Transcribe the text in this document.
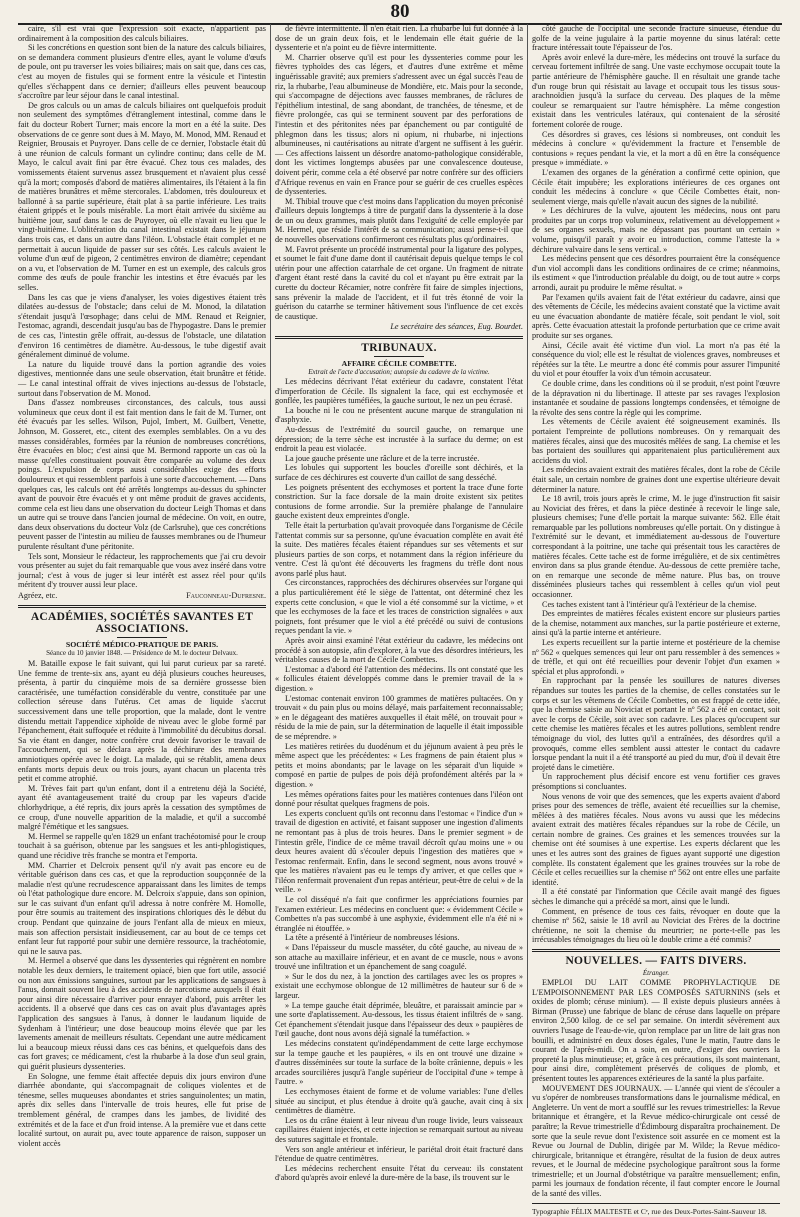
80

caire, s'il est vrai que l'expression soit exacte, n'appartient pas ordinairement à la composition des calculs biliaires.

Si les concrétions en question sont bien de la nature des calculs biliaires, on se demandera comment plusieurs d'entre elles, ayant le volume d'œufs de poule, ont pu traverser les voies biliaires; mais on sait que, dans ces cas, c'est au moyen de fistules qui se forment entre la vésicule et l'intestin qu'elles s'échappent dans ce dernier; d'ailleurs elles peuvent beaucoup s'accroître par leur séjour dans le canal intestinal.

De gros calculs ou un amas de calculs biliaires ont quelquefois produit non seulement des symptômes d'étranglement intestinal, comme dans le fait du docteur Robert Turner; mais encore la mort en a été la suite. Des observations de ce genre sont dues à M. Mayo, M. Monod, MM. Renaud et Reignier, Brousais et Puyroyer. Dans celle de ce dernier, l'obstacle était dû à une réunion de calculs formant un cylindre continu; dans celle de M. Mayo, le calcul avait fini par être évacué. Chez tous ces malades, des vomissements étaient survenus assez brusquement et n'avaient plus cessé qu'à la mort; composés d'abord de matières alimentaires, ils l'étaient à la fin de matières brunâtres et même stercorales. L'abdomen, très douloureux et ballonné à sa partie supérieure, était plat à sa partie inférieure. Les traits étaient grippés et le pouls misérable. La mort était arrivée du sixième au huitième jour, sauf dans le cas de Puyroyer, où elle n'avait eu lieu que le vingt-huitième. L'oblitération du canal intestinal existait dans le jéjunum dans trois cas, et dans un autre dans l'iléon. L'obstacle était complet et ne permettait à aucun liquide de passer sur ses côtés. Les calculs avaient le volume d'un œuf de pigeon, 2 centimètres environ de diamètre; cependant on a vu, et l'observation de M. Turner en est un exemple, des calculs gros comme des œufs de poule franchir les intestins et être évacués par les selles.

Dans les cas que je viens d'analyser, les voies digestives étaient très dilatées au-dessus de l'obstacle; dans celui de M. Monod, la dilatation s'étendait jusqu'à l'œsophage; dans celui de MM. Renaud et Reignier, l'estomac, agrandi, descendait jusqu'au bas de l'hypogastre. Dans le premier de ces cas, l'intestin grêle offrait, au-dessus de l'obstacle, une dilatation d'environ 16 centimètres de diamètre. Au-dessous, le tube digestif avait généralement diminué de volume.

La nature du liquide trouvé dans la portion agrandie des voies digestives, mentionnée dans une seule observation, était brunâtre et fétide. — Le canal intestinal offrait de vives injections au-dessus de l'obstacle, surtout dans l'observation de M. Monod.

Dans d'assez nombreuses circonstances, des calculs, tous aussi volumineux que ceux dont il est fait mention dans le fait de M. Turner, ont été évacués par les selles. Wilson, Pujol, Imbert, M. Guilbert, Venette, Johnson, M. Gosseret, etc., citent des exemples semblables. On a vu des masses considérables, formées par la réunion de nombreuses concrétions, être évacuées en bloc; c'est ainsi que M. Bermond rapporte un cas où la masse qu'elles constituaient pouvait être comparée au volume des deux poings. L'expulsion de corps aussi considérables exige des efforts douloureux et qui ressemblent parfois à une sorte d'accouchement. — Dans quelques cas, les calculs ont été arrêtés longtemps au-dessus du sphincter avant de pouvoir être évacués et y ont même produit de graves accidents, comme cela est lieu dans une observation du docteur Leigh Thomas et dans un autre qui se trouve dans l'ancien journal de médecine. On voit, en outre, dans deux observations du docteur Volz (de Carlsruhe), que ces concrétions peuvent passer de l'intestin au milieu de fausses membranes ou de l'humeur purulente résultant d'une péritonite.

Tels sont, Monsieur le rédacteur, les rapprochements que j'ai cru devoir vous présenter au sujet du fait remarquable que vous avez inséré dans votre journal; c'est à vous de juger si leur intérêt est assez réel pour qu'ils méritent d'y trouver aussi leur place.

Agréez, etc.	Fauconneau-Dufresne.
ACADÉMIES, SOCIÉTÉS SAVANTES ET ASSOCIATIONS.
SOCIÉTÉ MÉDICO-PRATIQUE DE PARIS.
Séance du 10 janvier 1848. — Présidence de M. le docteur Delvaux.

M. Bataille expose le fait suivant, qui lui parut curieux par sa rareté. Une femme de trente-six ans, ayant eu déjà plusieurs couches heureuses, présenta, à partir du cinquième mois de sa dernière grossesse bien caractérisée, une tuméfaction considérable du ventre, constituée par une collection séreuse dans l'utérus. Cet amas de liquide s'accrut successivement dans une telle proportion, que la malade, dont le ventre distendu mettait l'appendice xiphoïde de niveau avec le globe formé par l'épanchement, était suffoquée et réduite à l'immobilité du décubitus dorsal. Sa vie étant en danger, notre confrère crut devoir favoriser le travail de l'accouchement, qui se déclara après la déchirure des membranes amniotiques opérée avec le doigt. La malade, qui se rétablit, amena deux enfants morts depuis deux ou trois jours, ayant chacun un placenta très petit et comme atrophié.

M. Trèves fait part qu'un enfant, dont il a entretenu déjà la Société, ayant été avantageusement traité du croup par les vapeurs d'acide chlorhydrique, a été repris, dix jours après la cessation des symptômes de ce croup, d'une nouvelle apparition de la maladie, et qu'il a succombé malgré l'émétique et les sangsues.

M. Hermel se rappelle qu'en 1829 un enfant trachéotomisé pour le croup touchait à sa guérison, obtenue par les sangsues et les anti-phlogistiques, quand une récidive très franche se montra et l'emporta.

MM. Charrier et Delcroix pensent qu'il n'y avait pas encore eu de véritable guérison dans ces cas, et que la reproduction soupçonnée de la maladie n'est qu'une recrudescence apparaissant dans les limites de temps où l'état pathologique dure encore. M. Delcroix s'appuie, dans son opinion, sur le cas suivant d'un enfant qu'il adressa à notre confrère M. Homolle, pour être soumis au traitement des inspirations chloriques dès le début du croup. Pendant que quinzaine de jours l'enfant alla de mieux en mieux, mais son affection persistait insidieusement, car au bout de ce temps cet enfant leur fut rapporté pour subir une dernière ressource, la trachéotomie, qui ne le sauva pas.

M. Hermel a observé que dans les dyssenteries qui régnèrent en nombre notable les deux derniers, le traitement opiacé, bien que fort utile, associé ou non aux émissions sanguines, surtout par les applications de sangsues à l'anus, donnait souvent lieu à des accidents de narcotisme auxquels il était pour ainsi dire nécessaire d'arriver pour enrayer d'abord, puis arrêter les accidents. Il a observé que dans ces cas on avait plus d'avantages après l'application des sangsues à l'anus, à donner le laudanum liquide de Sydenham à l'intérieur; une dose beaucoup moins élevée que par les lavements amenait de meilleurs résultats. Cependant une autre médicament lui a beaucoup mieux réussi dans ces cas bénins, et quelquefois dans des cas fort graves; ce médicament, c'est la rhubarbe à la dose d'un seul grain, qui guérit plusieurs dyssenteries.

En Sologne, une femme était affectée depuis dix jours environ d'une diarrhée abondante, qui s'accompagnait de coliques violentes et de ténesme, selles muqueuses abondantes et stries sanguinolentes; un matin, après dix selles dans l'intervalle de trois heures, elle fut prise de tremblement général, de crampes dans les jambes, de lividité des extrémités et de la face et d'un froid intense. A la première vue et dans cette localité surtout, on aurait pu, avec toute apparence de raison, supposer un violent accès

de fièvre intermittente. Il n'en était rien. La rhubarbe lui fut donnée à la dose de un grain deux fois, et le lendemain elle était guérie de la dyssenterie et n'a point eu de fièvre intermittente.

M. Charrier observe qu'il est pour les dyssenteries comme pour les fièvres typhoïdes des cas légers, et d'autres d'une extrême et même inguérissable gravité; aux premiers s'adressent avec un égal succès l'eau de riz, la rhubarbe, l'eau albumineuse de Mondière, etc. Mais pour la seconde, qui s'accompagne de déjections avec fausses membranes, de râclures de l'épithélium intestinal, de sang abondant, de tranchées, de ténesme, et de fièvre prolongée, cas qui se terminent souvent par des perforations de l'intestin et des péritonites nées par épanchement ou par contiguïté de phlegmon dans les tissus; alors ni opium, ni rhubarbe, ni injections albumineuses, ni cautérisations au nitrate d'argent ne suffisent à les guérir. — Ces affections laissent un désordre anatomo-pathologique considérable, dont les victimes longtemps abusées par une convalescence douteuse, doivent périr, comme cela a été observé par notre confrère sur des officiers d'Afrique revenus en vain en France pour se guérir de ces cruelles espèces de dyssenteries.

M. Thibial trouve que c'est moins dans l'application du moyen préconisé d'ailleurs depuis longtemps à titre de purgatif dans la dyssenterie à la dose de un ou deux grammes, mais plutôt dans l'exiguïté de celle employée par M. Hermel, que réside l'intérêt de sa communication; aussi pense-t-il que de nouvelles observations confirmeront ces résultats plus qu'ordinaires.

M. Favrot présente un procédé instrumental pour la ligature des polypes, et soumet le fait d'une dame dont il cautérisait depuis quelque temps le col utérin pour une affection catarrhale de cet organe. Un fragment de nitrate d'argent étant resté dans la cavité du col et n'ayant pu être extrait par la curette du docteur Récamier, notre confrère fit faire de simples injections, sans prévenir la malade de l'accident, et il fut très étonné de voir la guérison du catarrhe se terminer hâtivement sous l'influence de cet excès de caustique.

Le secrétaire des séances, Eug. Bourdet.
TRIBUNAUX.
AFFAIRE CÉCILE COMBETTE.
Extrait de l'acte d'accusation; autopsie du cadavre de la victime.

Les médecins décrivant l'état extérieur du cadavre, constatent l'état d'imperforation de Cécile. Ils signalent la face, qui est ecchymosée et gonflée, les paupières tuméfiées, la gauche surtout, le nez un peu écrasé.

La bouche ni le cou ne présentent aucune marque de strangulation ni d'asphyxie.

Au-dessus de l'extrémité du sourcil gauche, on remarque une dépression; de la terre sèche est incrustée à la surface du derme; on est endroit la peau est violacée.

La joue gauche présente une râclure et de la terre incrustée.

Les lobules qui supportent les boucles d'oreille sont déchirés, et la surface de ces déchirures est couverte d'un caillot de sang desséché.

Les poignets présentent des ecchymoses et portent la trace d'une forte constriction. Sur la face dorsale de la main droite existent six petites contusions de forme arrondie. Sur la première phalange de l'annulaire gauche existent deux empreintes d'ongle.

Telle était la perturbation qu'avait provoquée dans l'organisme de Cécile l'attentat commis sur sa personne, qu'une évacuation complète en avait été la suite. Des matières fécales étaient répandues sur ses vêtements et sur plusieurs parties de son corps, et notamment dans la région inférieure du ventre. C'est là qu'ont été découverts les fragmens du trèfle dont nous avons parlé plus haut.

Ces circonstances, rapprochées des déchirures observées sur l'organe qui a plus particulièrement été le siège de l'attentat, ont déterminé chez les experts cette conclusion, « que le viol a été consommé sur la victime, » et que les ecchymoses de la face et les traces de constriction signalées » aux poignets, font présumer que le viol a été précédé ou suivi de contusions reçues pendant la vie. »

Après avoir ainsi examiné l'état extérieur du cadavre, les médecins ont procédé à son autopsie, afin d'explorer, à la vue des désordres intérieurs, les véritables causes de la mort de Cécile Combettes.

L'estomac a d'abord été l'attention des médecins. Ils ont constaté que les « follicules étaient développés comme dans le premier travail de la » digestion. »

L'estomac contenait environ 100 grammes de matières pultacées. On y trouvait « du pain plus ou moins délayé, mais parfaitement reconnaissable; » en le dégageant des matières auxquelles il était mêlé, on trouvait pour » résidu de la mie de pain, sur la détermination de laquelle il était impossible de se méprendre. »

Les matières retirées du duodénum et du jéjunum avaient à peu près le même aspect que les précédentes: « Les fragmens de pain étaient plus » petits et moins abondants; par le lavage on les séparait d'un liquide » composé en partie de pulpes de pois déjà profondément altérés par la » digestion. »

Les mêmes opérations faites pour les matières contenues dans l'iléon ont donné pour résultat quelques fragmens de pois.

Les experts concluent qu'ils ont reconnu dans l'estomac « l'indice d'un » travail de digestion en activité, et faisant supposer une ingestion d'aliments ne remontant pas à plus de trois heures. Dans le premier segment » de l'intestin grêle, l'indice de ce même travail décroît qu'au moins une » ou deux heures avaient dû s'écouler depuis l'ingestion des matières que » l'estomac renfermait. Enfin, dans le second segment, nous avons trouvé » que les matières n'avaient pas eu le temps d'y arriver, et que celles que » l'iléon renfermait provenaient d'un repas antérieur, peut-être de celui » de la veille. »

Le col disséqué n'a fait que confirmer les appréciations fournies par l'examen extérieur. Les médecins en concluent que: « évidemment Cécile » Combettes n'a pas succombé à une asphyxie, évidemment elle n'a été ni » étranglée ni étouffée. »

La tête a présenté à l'intérieur de nombreuses lésions.

« Dans l'épaisseur du muscle masséter, du côté gauche, au niveau de » son attache au maxillaire inférieur, et en avant de ce muscle, nous » avons trouvé une infiltration et un épanchement de sang coagulé.

» Sur le dos du nez, à la jonction des cartilages avec les os propres » existait une ecchymose oblongue de 12 millimètres de hauteur sur 6 de » largeur.

» La tempe gauche était déprimée, bleuâtre, et paraissait amincie par » une sorte d'aplatissement. Au-dessous, les tissus étaient infiltrés de » sang. Cet épanchement s'étendait jusque dans l'épaisseur des deux » paupières de l'œil gauche, dont nous avons déjà signalé la tuméfaction. »

Les médecins constatent qu'indépendamment de cette large ecchymose sur la tempe gauche et les paupières, « ils en ont trouvé une dizaine » d'autres disséminées sur toute la surface de la boîte crânienne, depuis » les arcades sourcilières jusqu'à l'angle supérieur de l'occipital d'une » tempe à l'autre. »

Les ecchymoses étaient de forme et de volume variables: l'une d'elles située au sinciput, et plus étendue à droite qu'à gauche, avait cinq à six centimètres de diamètre.

Les os du crâne étaient à leur niveau d'un rouge livide, leurs vaisseaux capillaires étaient injectés, et cette injection se remarquait surtout au niveau des sutures sagittale et frontale.

Vers son angle antérieur et inférieur, le pariétal droit était fracturé dans l'étendue de quatre centimètres.

Les médecins recherchent ensuite l'état du cerveau: ils constatent d'abord qu'après avoir enlevé la dure-mère de la base, ils trouvent sur le

côté gauche de l'occipital une seconde fracture sinueuse, étendue du golfe de la veine jugulaire à la partie moyenne du sinus latéral: cette fracture intéressait toute l'épaisseur de l'os.

Après avoir enlevé la dure-mère, les médecins ont trouvé la surface du cerveau fortement infiltrée de sang. Une vaste ecchymose occupait toute la partie antérieure de l'hémisphère gauche. Il en résultait une grande tache d'un rouge brun qui résistait au lavage et occupait tous les tissus sous-arachnoïdien jusqu'à la surface du cerveau. Des plaques de la même couleur se remarquaient sur l'autre hémisphère. La même congestion existait dans les ventricules latéraux, qui contenaient de la sérosité fortement colorée de rouge.

Ces désordres si graves, ces lésions si nombreuses, ont conduit les médecins à conclure « qu'évidemment la fracture et l'ensemble de contusions » reçues pendant la vie, et la mort a dû en être la conséquence presque » immédiate. »

L'examen des organes de la génération a confirmé cette opinion, que Cécile était impubère; les explorations intérieures de ces organes ont conduit les médecins à conclure « que Cécile Combettes était, non-seulement vierge, mais qu'elle n'avait aucun des signes de la nubilité.

» Les déchirures de la vulve, ajoutent les médecins, nous ont paru produites par un corps trop volumineux, relativement au développement » de ses organes sexuels, mais ne dépassant pas pourtant un certain » volume, puisqu'il paraît y avoir eu introduction, comme l'atteste la » déchirure valvaire dans le sens vertical. »

Les médecins pensent que ces désordres pourraient être la conséquence d'un viol accompli dans les conditions ordinaires de ce crime; néanmoins, ils estiment « que l'introduction préalable du doigt, ou de tout autre » corps arrondi, aurait pu produire le même résultat. »

Par l'examen qu'ils avaient fait de l'état extérieur du cadavre, ainsi que des vêtements de Cécile, les médecins avaient constaté que la victime avait eu une évacuation abondante de matière fécale, soit pendant le viol, soit après. Cette évacuation attestait la profonde perturbation que ce crime avait produite sur ses organes.

Ainsi, Cécile avait été victime d'un viol. La mort n'a pas été la conséquence du viol; elle est le résultat de violences graves, nombreuses et répétées sur la tête. Le meurtre a donc été commis pour assurer l'impunité du viol et pour étouffer la voix d'un témoin accusateur.

Ce double crime, dans les conditions où il se produit, n'est point l'œuvre de la dépravation ni du libertinage. Il atteste par ses ravages l'explosion instantanée et soudaine de passions longtemps condensées, et témoigne de la révolte des sens contre la règle qui les comprime.

Les vêtements de Cécile avaient été soigneusement examinés. Ils portaient l'empreinte de pollutions nombreuses. On y remarquait des matières fécales, ainsi que des mucosités mêlées de sang. La chemise et les bas portaient des souillures qui apparitenaient plus particulièrement aux accidens du viol.

Les médecins avaient extrait des matières fécales, dont la robe de Cécile était sale, un certain nombre de graines dont une expertise ultérieure devait déterminer la nature.

Le 18 avril, trois jours après le crime, M. le juge d'instruction fit saisir au Noviciat des frères, et dans la pièce destinée à recevoir le linge sale, plusieurs chemises; l'une d'elle portait la marque suivante: 562. Elle était remarquable par les pollutions nombreuses qu'elle portait. On y distingue à l'extrémité sur le devant, et immédiatement au-dessous de l'ouverture correspondant à la poitrine, une tache qui présentait tous les caractères de matières fécales. Cette tache est de forme irrégulière, et de six centimètres environ dans sa plus grande étendue. Au-dessous de cette première tache, on en remarque une seconde de même nature. Plus bas, on trouve disséminées plusieurs taches qui ressemblent à celles qu'un viol peut occasionner.

Ces taches existent tant à l'intérieur qu'à l'extérieur de la chemise.

Des empreintes de matières fécales existent encore sur plusieurs parties de la chemise, notamment aux manches, sur la partie postérieure et externe, ainsi qu'à la partie interne et antérieure.

Les experts recueillent sur la partie interne et postérieure de la chemise nº 562 « quelques semences qui leur ont paru ressembler à des semences » de trèfle, et qui ont été recueillies pour devenir l'objet d'un examen » spécial et plus approfondi. »

En rapprochant par la pensée les souillures de natures diverses répandues sur toutes les parties de la chemise, de celles constatées sur le corps et sur les vêtemens de Cécile Combettes, on est frappé de cette idée, que la chemise saisie au Noviciat et portant le nº 562 a été en contact, soit avec le corps de Cécile, soit avec son cadavre. Les places qu'occupent sur cette chemise les matières fécales et les autres pollutions, semblent rendre témoignage du viol, des luttes qu'il a entraînées, des désordres qu'il a provoqués, comme elles semblent aussi attester le contact du cadavre lorsque pendant la nuit il a été transporté au pied du mur, d'où il devait être projeté dans le cimetière.

Un rapprochement plus décisif encore est venu fortifier ces graves présomptions si concluantes.

Nous venons de voir que des semences, que les experts avaient d'abord prises pour des semences de trèfle, avaient été recueillies sur la chemise, mêlées à des matières fécales. Nous avons vu aussi que les médecins avaient extrait des matières fécales répandues sur la robe de Cécile, un certain nombre de graines. Ces graines et les semences trouvées sur la chemise ont été soumises à une expertise. Les experts déclarent que les unes et les autres sont des graines de figues ayant supporté une digestion complète. Ils constatent également que les graines trouvées sur la robe de Cécile et celles recueillies sur la chemise nº 562 ont entre elles une parfaite identité.

Il a été constaté par l'information que Cécile avait mangé des figues sèches le dimanche qui a précédé sa mort, ainsi que le lundi.

Comment, en présence de tous ces faits, révoquer en doute que la chemise nº 562, saisie le 18 avril au Noviciat des Frères de la doctrine chrétienne, ne soit la chemise du meurtrier; ne porte-t-elle pas les irrécusables témoignages du lieu où le double crime a été commis?

NOUVELLES. — FAITS DIVERS.
Étranger.

EMPLOI DU LAIT COMME PROPHYLACTIQUE DE L'EMPOISONNEMENT PAR LES COMPOSÉS SATURNINS (sels et oxides de plomb; céruse minium). — Il existe depuis plusieurs années à Birman (Prusse) une fabrique de blanc de céruse dans laquelle on prépare environ 2,500 kilog. de ce sel par semaine. On interdit sévèrement aux ouvriers l'usage de l'eau-de-vie, qu'on remplace par un litre de lait gras non bouilli, et administré en deux doses égales, l'une le matin, l'autre dans le courant de l'après-midi. On a soin, en outre, d'exiger des ouvriers la propreté la plus minutieuse; et, grâce à ces précautions, ils sont maintenant, pour ainsi dire, complètement préservés de coliques de plomb, et présentent toutes les apparences extérieures de la santé la plus parfaite.

MOUVEMENT DES JOURNAUX. — L'année qui vient de s'écouler a vu s'opérer de nombreuses transformations dans le journalisme médical, en Angleterre. Un vent de mort a soufflé sur les revues trimestrielles: la Revue britannique et étrangère, et la Revue médico-chirurgicale ont cessé de paraître; la Revue trimestrielle d'Édimbourg disparaîtra prochainement. De sorte que la seule revue dont l'existence soit assurée en ce moment est la Revue ou Journal de Dublin, dirigée par M. Wilde; la Revue médico-chirurgicale, britannique et étrangère, résultat de la fusion de deux autres revues, et le Journal de médecine psychologique paraîtront sous la forme trimestrielle; et un Journal d'obstétrique va paraître mensuellement; enfin, parmi les journaux de fondation récente, il faut compter encore le Journal de la santé des villes.

Typographie FÉLIX MALTESTE et Cᵉ, rue des Deux-Portes-Saint-Sauveur 18.
